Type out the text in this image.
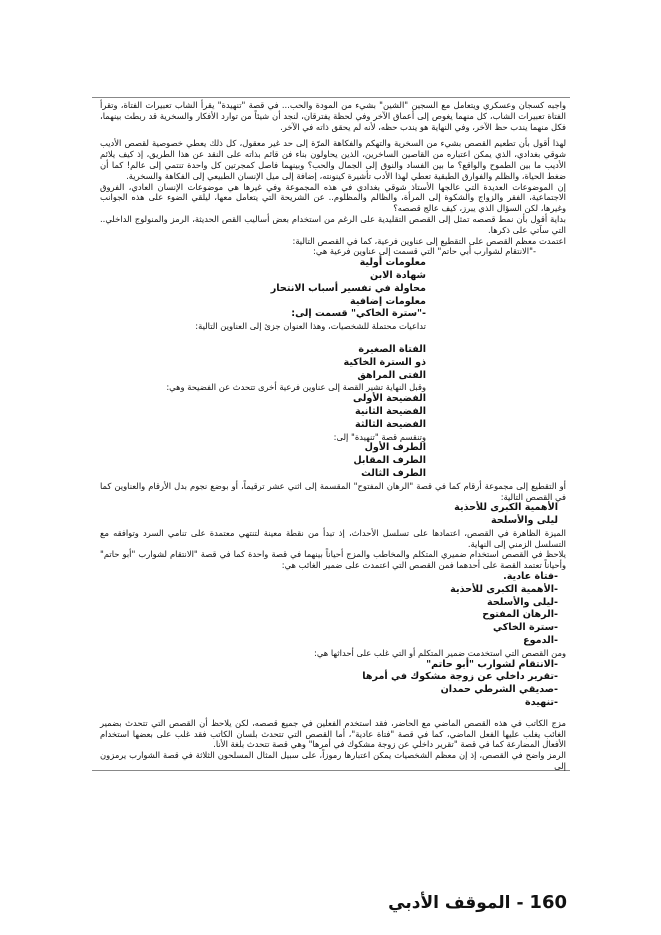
واجبه كسجان وعسكري ويتعامل مع السجين "الشين" بشيء من المودة والحب... في قصة "تنهيدة" يقرأ الشاب تعبيرات الفتاة، وتقرأ الفتاة تعبيرات الشاب، كل منهما يغوص إلى أعماق الآخر وفي لحظة يفترقان، لنجد أن شيئاً من توارد الأفكار والسخرية قد ربطت بينهما، فكل منهما يندب حظ الآخر، وفي النهاية هو يندب حظه، لأنه لم يحقق ذاته في الآخر.

لهذا أقول بأن تطعيم القصص بشيء من السخرية والتهكم والفكاهة المرّة إلى حد غير معقول، كل ذلك يعطي خصوصية لقصص الأديب شوقي بغدادي، الذي يمكن اعتباره من القاصين الساخرين، الذين يحاولون بناء فن قائم بذاته على النقد عن هذا الطريق، إذ كيف يلائم الأديب ما بين الطموح والواقع؟ ما بين الفساد والنوق إلى الجمال والحب؟ وبينهما فاصل كمجرتين كل واحدة تنتمي إلى عالم! كما أن ضغط الحياة، والظلم والفوارق الطبقية تعطي لهذا الأدب تأشيرة كينونته، إضافة إلى ميل الإنسان الطبيعي إلى الفكاهة والسخرية.

إن الموضوعات العديدة التي عالجها الأستاذ شوقي بغدادي في هذه المجموعة وفي غيرها هي موضوعات الإنسان العادي، الفروق الاجتماعية، الفقر والزواج والشكوة إلى المرأة، والظالم والمظلوم.. عن الشريحة التي يتعامل معها، ليلقي الضوء على هذه الجوانب وغيرها، لكن السؤال الذي يبرز، كيف عالج قصصه؟

بداية أقول بأن نمط قصصه تمثل إلى القصص التقليدية على الرغم من استخدام بعض أساليب القص الحديثة، الرمز والمنولوج الداخلي.. التي سآتي على ذكرها.

اعتمدت معظم القصص على التقطيع إلى عناوين فرعية، كما في القصص التالية:

-"الانتقام لشوارب أبي حاتم" التي قسمت إلى عناوين فرعية هي:

معلومات أولية

شهادة الابن

محاولة في تفسير أسباب الانتحار

معلومات إضافية

-"سترة الخاكي" قسمت إلى:

تداعيات محتملة للشخصيات، وهذا العنوان جزئ إلى العناوين التالية:

الفتاة الصغيرة

ذو السترة الخاكية

الفتى المراهق

وقبل النهاية تشير القصة إلى عناوين فرعية أخرى تتحدث عن الفضيحة وهي:

الفضيحة الأولى

الفضيحة الثانية

الفضيحة الثالثة

وتنقسم قصة "تنهيدة" إلى:

الطرف الأول

الطرف المقابل

الطرف الثالث

أو التقطيع إلى مجموعة أرقام كما في قصة "الرهان المفتوح" المقسمة إلى اثني عشر ترقيماً، أو بوضع نجوم بدل الأرقام والعناوين كما في القصص التالية:

الأهمية الكبرى للأحذية

ليلى والأسلحة

الميزة الظاهرة في القصص، اعتمادها على تسلسل الأحداث، إذ تبدأ من نقطة معينة لتنتهي معتمدة على تنامي السرد وتوافقه مع التسلسل الزمني إلى النهاية.

يلاحظ في القصص استخدام ضميري المتكلم والمخاطب والمزج أحياناً بينهما في قصة واحدة كما في قصة "الانتقام لشوارب "أبو حاتم" وأحياناً تعتمد القصة على أحدهما فمن القصص التي اعتمدت على ضمير الغائب هي:

-فتاة عادية.

-الأهمية الكبرى للأحذية

-ليلى والأسلحة

-الرهان المفتوح

-سترة الخاكي

-الدموع

ومن القصص التي استخدمت ضمير المتكلم أو التي غلب على أحداثها هي:

-الانتقام لشوارب "أبو حاتم"

-تقرير داخلي عن زوجة مشكوك في أمرها

-صديقي الشرطي حمدان

-تنهيدة

مزج الكاتب في هذه القصص الماضي مع الحاضر، فقد استخدم الفعلين في جميع قصصه، لكن يلاحظ أن القصص التي تتحدث بضمير الغائب يغلب عليها الفعل الماضي، كما في قصة "فتاة عادية"، أما القصص التي تتحدث بلسان الكاتب فقد غلب على بعضها استخدام الأفعال المضارعة كما في قصة "تقرير داخلي عن زوجة مشكوك في أمرها" وهي قصة تتحدث بلغة الأنا.

الرمز واضح في القصص، إذ إن معظم الشخصيات يمكن اعتبارها رموزاً، على سبيل المثال المسلحون الثلاثة في قصة الشوارب يرمزون إلى

160 - الموقف الأدبي
